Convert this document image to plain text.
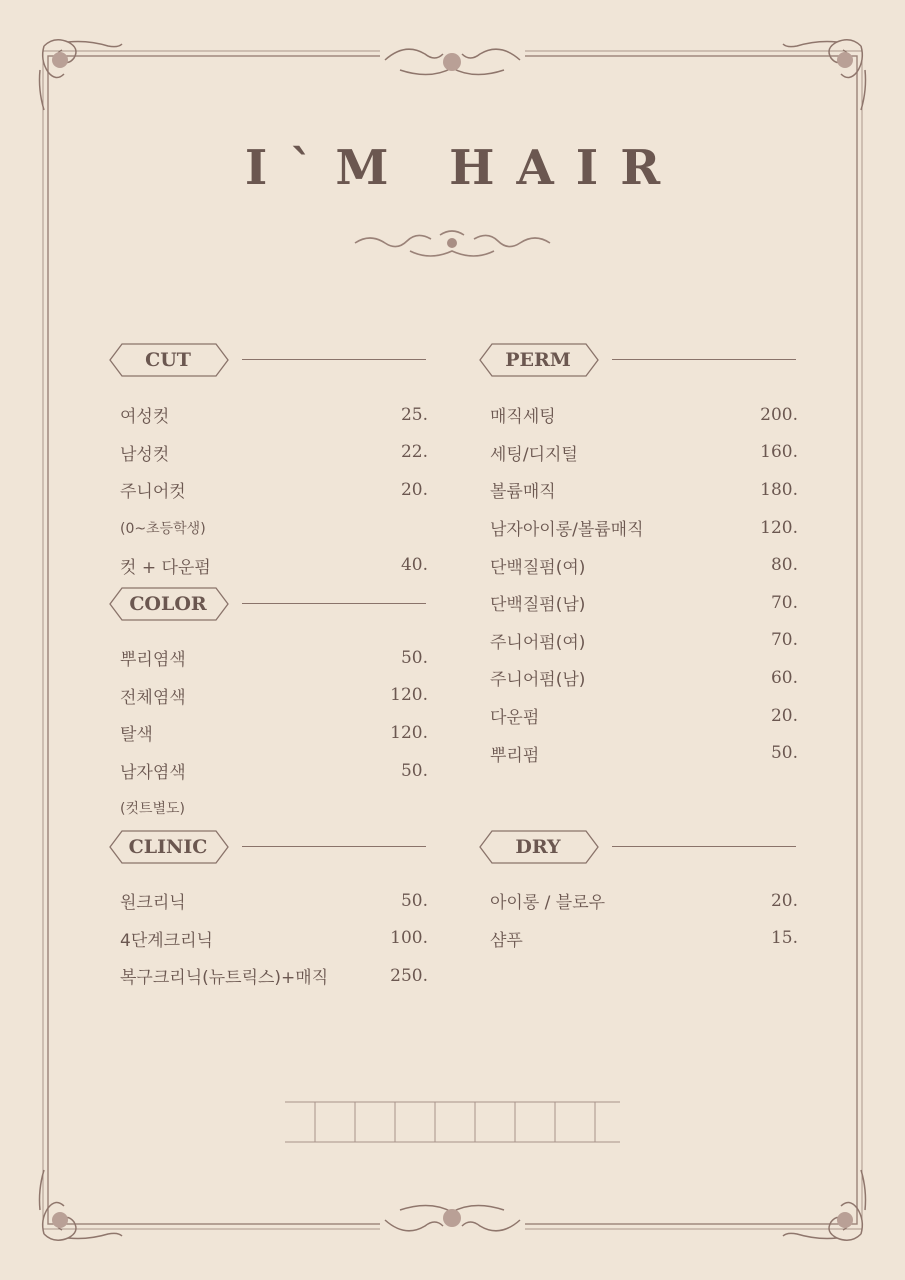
I`M HAIR
CUT
여성컷	25.
남성컷	22.
주니어컷	20.
(0~초등학생)
컷 + 다운펌	40.
COLOR
뿌리염색	50.
전체염색	120.
탈색	120.
남자염색	50.
(컷트별도)
CLINIC
원크리닉	50.
4단계크리닉	100.
복구크리닉(뉴트릭스)+매직	250.
PERM
매직세팅	200.
세팅/디지털	160.
볼륨매직	180.
남자아이롱/볼륨매직	120.
단백질펌(여)	80.
단백질펌(남)	70.
주니어펌(여)	70.
주니어펌(남)	60.
다운펌	20.
뿌리펌	50.
DRY
아이롱 / 블로우	20.
샴푸	15.
